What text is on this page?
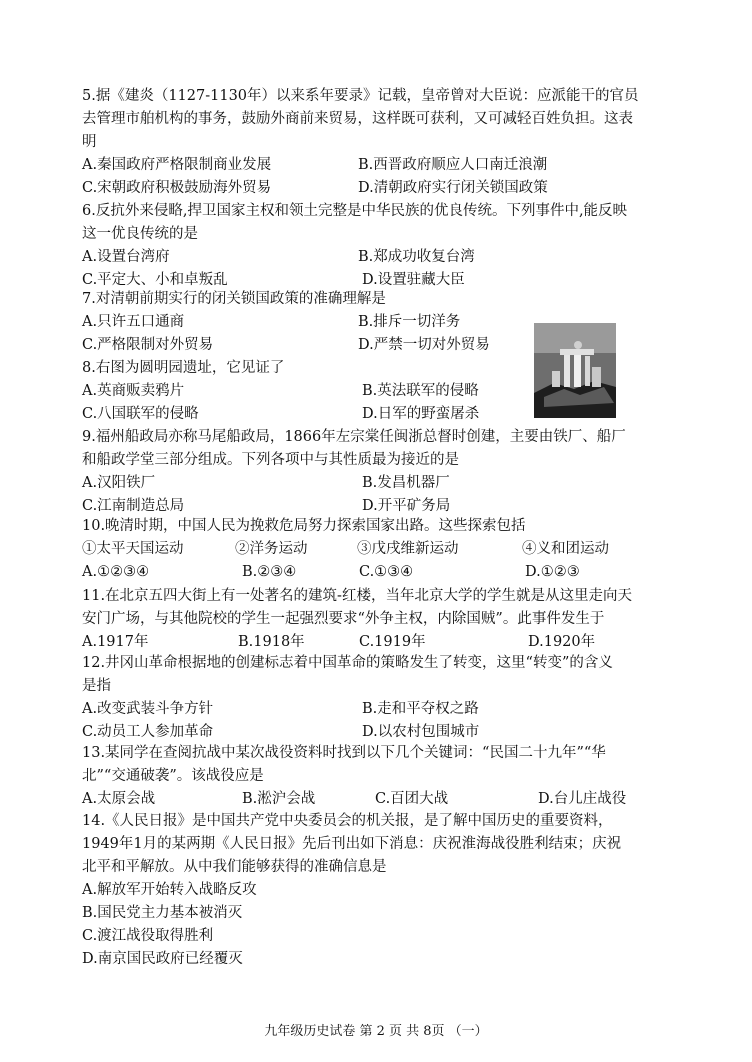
5.据《建炎（1127-1130年）以来系年要录》记载，皇帝曾对大臣说：应派能干的官员
去管理市舶机构的事务，鼓励外商前来贸易，这样既可获利，又可减轻百姓负担。这表
明
A.秦国政府严格限制商业发展	B.西晋政府顺应人口南迁浪潮
C.宋朝政府积极鼓励海外贸易	D.清朝政府实行闭关锁国政策
6.反抗外来侵略,捍卫国家主权和领土完整是中华民族的优良传统。下列事件中,能反映
这一优良传统的是
A.设置台湾府	B.郑成功收复台湾
C.平定大、小和卓叛乱	D.设置驻藏大臣
7.对清朝前期实行的闭关锁国政策的准确理解是
A.只许五口通商	B.排斥一切洋务
C.严格限制对外贸易	D.严禁一切对外贸易
8.右图为圆明园遗址，它见证了
A.英商贩卖鸦片	B.英法联军的侵略
C.八国联军的侵略	D.日军的野蛮屠杀
9.福州船政局亦称马尾船政局，1866年左宗棠任闽浙总督时创建，主要由铁厂、船厂
和船政学堂三部分组成。下列各项中与其性质最为接近的是
A.汉阳铁厂	B.发昌机器厂
C.江南制造总局	D.开平矿务局
10.晚清时期，中国人民为挽救危局努力探索国家出路。这些探索包括
①太平天国运动	②洋务运动	③戊戌维新运动	④义和团运动
A.①②③④	B.②③④	C.①③④	D.①②③
11.在北京五四大街上有一处著名的建筑-红楼，当年北京大学的学生就是从这里走向天
安门广场，与其他院校的学生一起强烈要求“外争主权，内除国贼”。此事件发生于
A.1917年	B.1918年	C.1919年	D.1920年
12.井冈山革命根据地的创建标志着中国革命的策略发生了转变，这里“转变”的含义
是指
A.改变武装斗争方针	B.走和平夺权之路
C.动员工人参加革命	D.以农村包围城市
13.某同学在查阅抗战中某次战役资料时找到以下几个关键词：“民国二十九年”“华
北”“交通破袭”。该战役应是
A.太原会战	B.淞沪会战	C.百团大战	D.台儿庄战役
14.《人民日报》是中国共产党中央委员会的机关报，是了解中国历史的重要资料，
1949年1月的某两期《人民日报》先后刊出如下消息：庆祝淮海战役胜利结束；庆祝
北平和平解放。从中我们能够获得的准确信息是
A.解放军开始转入战略反攻
B.国民党主力基本被消灭
C.渡江战役取得胜利
D.南京国民政府已经覆灭
九年级历史试卷 第 2 页 共 8页 （一）
